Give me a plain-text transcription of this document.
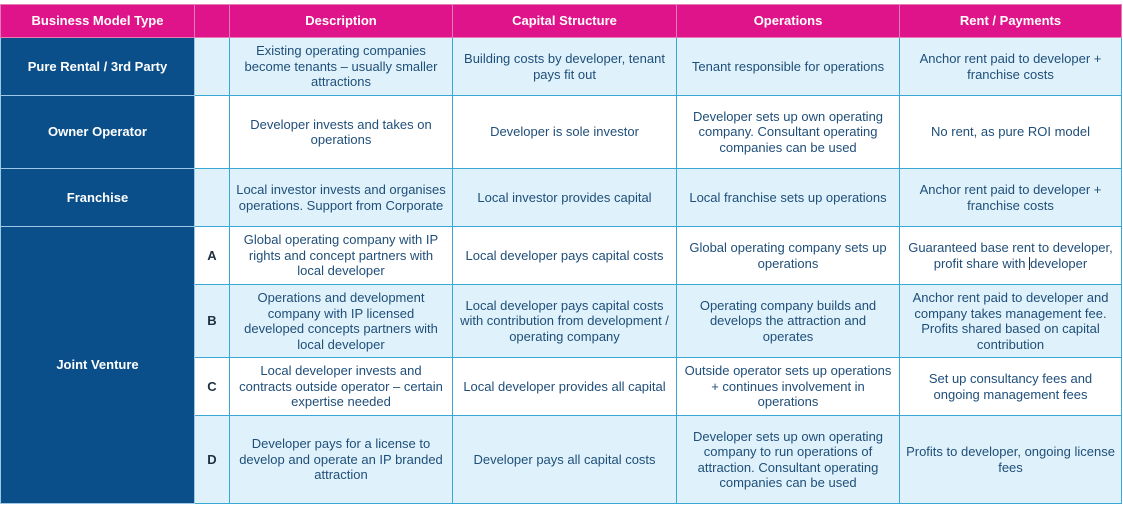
Business Model Type		Description	Capital Structure	Operations	Rent / Payments
Pure Rental / 3rd Party		Existing operating companies become tenants – usually smaller attractions	Building costs by developer, tenant pays fit out	Tenant responsible for operations	Anchor rent paid to developer + franchise costs
Owner Operator		Developer invests and takes on operations	Developer is sole investor	Developer sets up own operating company. Consultant operating companies can be used	No rent, as pure ROI model
Franchise		Local investor invests and organises operations. Support from Corporate	Local investor provides capital	Local franchise sets up operations	Anchor rent paid to developer + franchise costs
Joint Venture	A	Global operating company with IP rights and concept partners with local developer	Local developer pays capital costs	Global operating company sets up operations	Guaranteed base rent to developer, profit share with developer
	B	Operations and development company with IP licensed developed concepts partners with local developer	Local developer pays capital costs with contribution from development / operating company	Operating company builds and develops the attraction and operates	Anchor rent paid to developer and company takes management fee. Profits shared based on capital contribution
	C	Local developer invests and contracts outside operator – certain expertise needed	Local developer provides all capital	Outside operator sets up operations + continues involvement in operations	Set up consultancy fees and ongoing management fees
	D	Developer pays for a license to develop and operate an IP branded attraction	Developer pays all capital costs	Developer sets up own operating company to run operations of attraction. Consultant operating companies can be used	Profits to developer, ongoing license fees
